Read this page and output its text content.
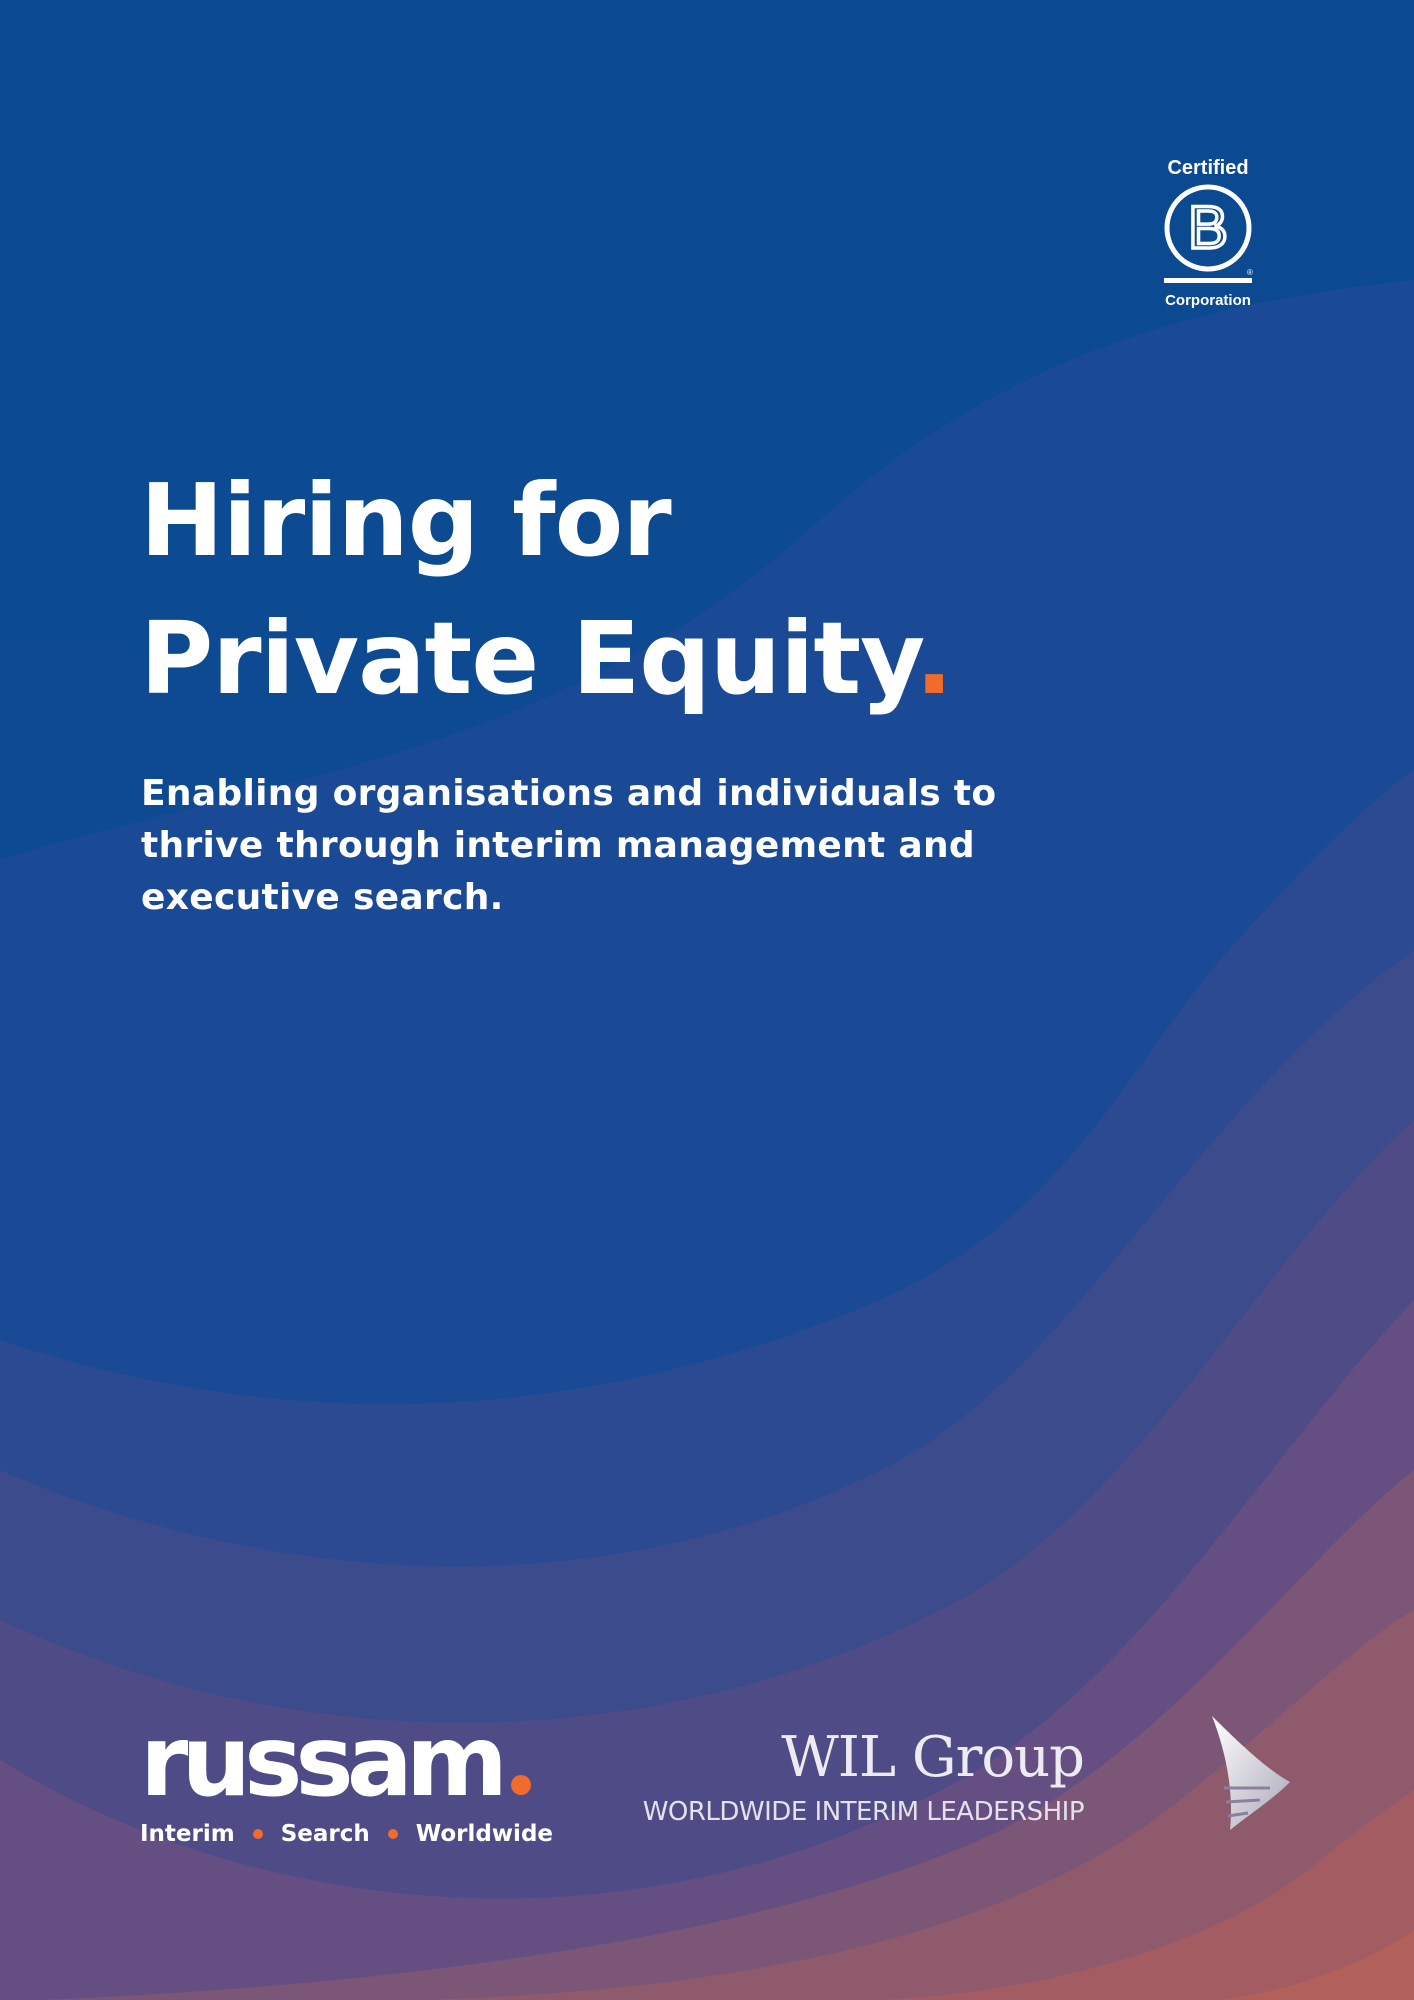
Certified
B
®
Corporation
Hiring for
Private Equity.

Enabling organisations and individuals to thrive through interim management and executive search.

russam
Interim Search Worldwide
WIL Group
WORLDWIDE INTERIM LEADERSHIP
